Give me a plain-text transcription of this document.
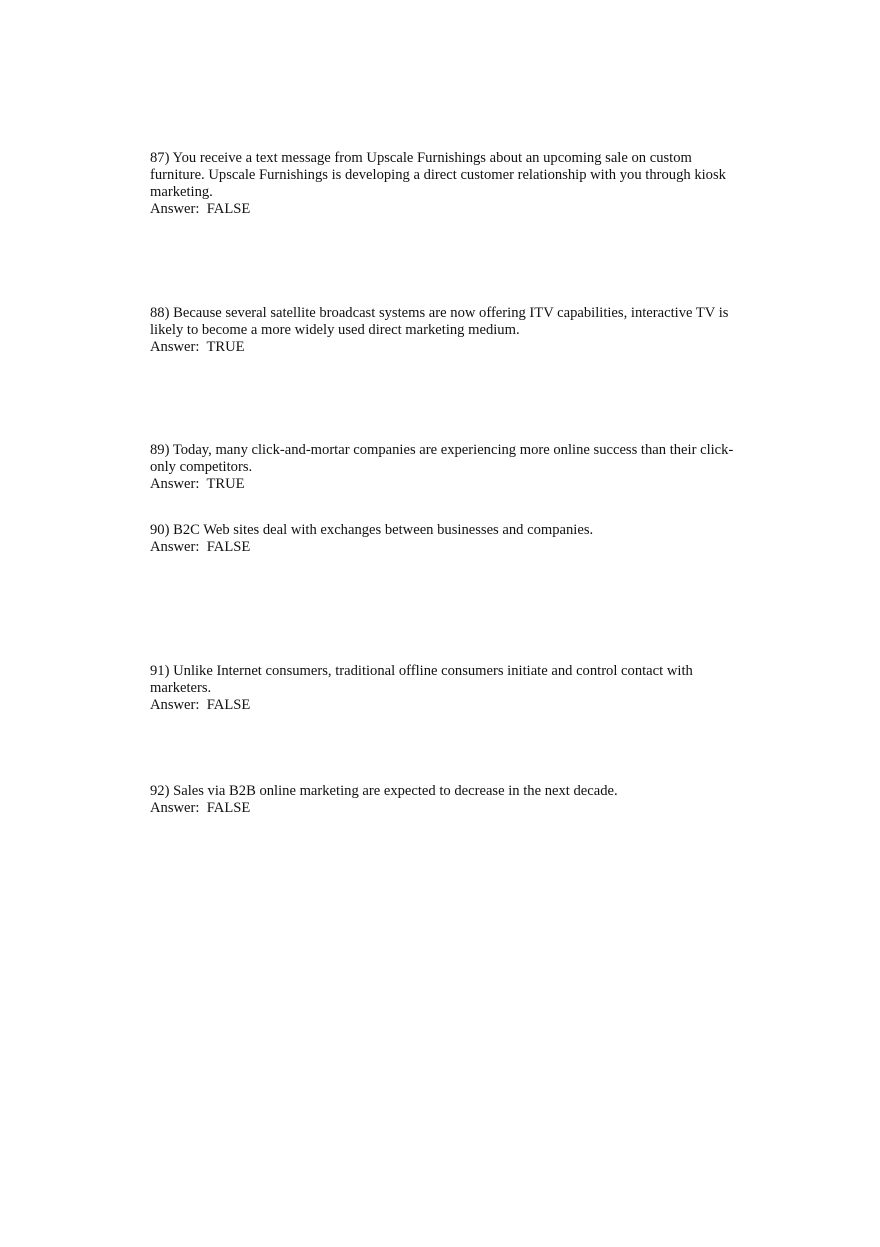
87) You receive a text message from Upscale Furnishings about an upcoming sale on custom furniture. Upscale Furnishings is developing a direct customer relationship with you through kiosk marketing.

Answer:  FALSE

88) Because several satellite broadcast systems are now offering ITV capabilities, interactive TV is likely to become a more widely used direct marketing medium.

Answer:  TRUE

89) Today, many click-and-mortar companies are experiencing more online success than their click-only competitors.

Answer:  TRUE

90) B2C Web sites deal with exchanges between businesses and companies.

Answer:  FALSE

91) Unlike Internet consumers, traditional offline consumers initiate and control contact with marketers.

Answer:  FALSE

92) Sales via B2B online marketing are expected to decrease in the next decade.

Answer:  FALSE
